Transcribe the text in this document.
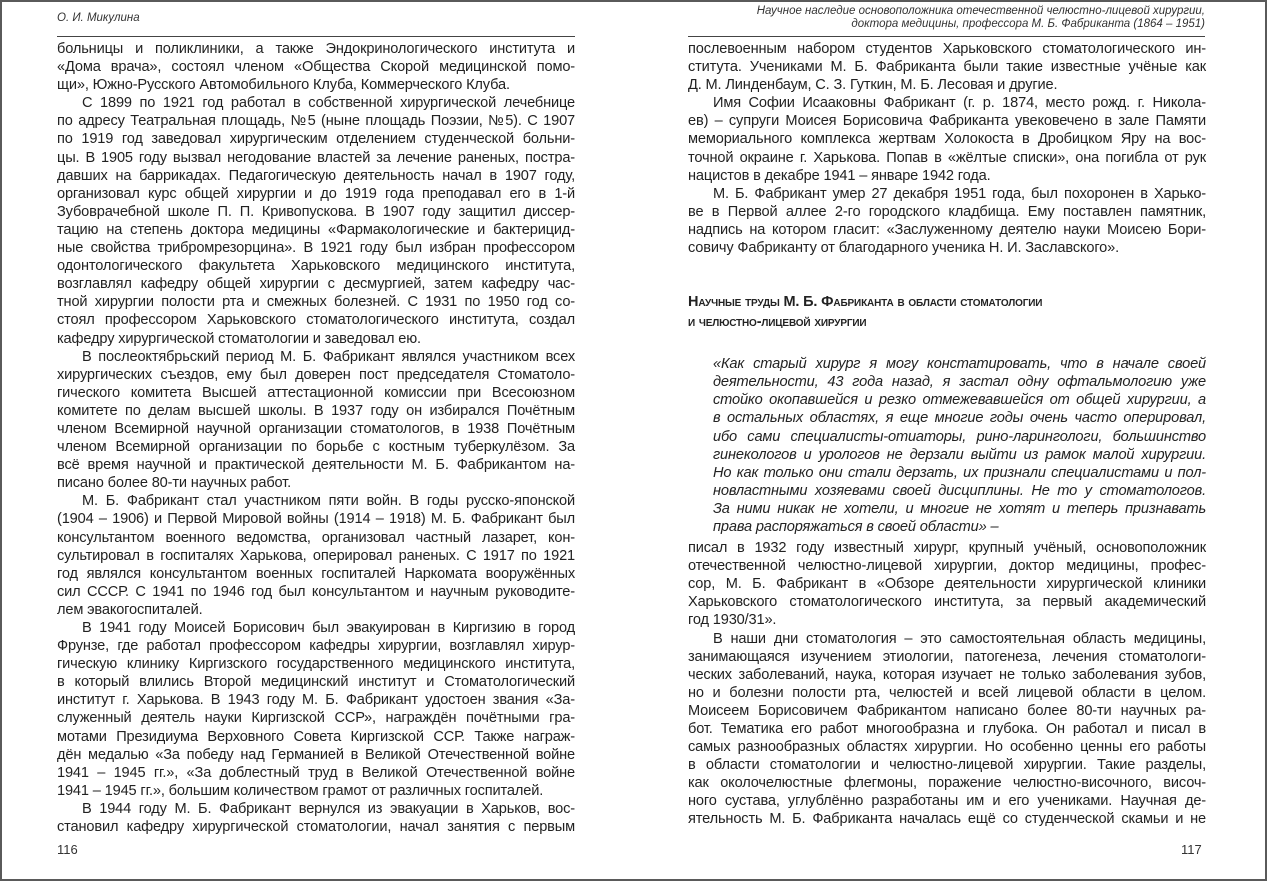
О. И. Микулина
больницы и поликлиники, а также Эндокринологического института и
«Дома врача», состоял членом «Общества Скорой медицинской помо-
щи», Южно-Русского Автомобильного Клуба, Коммерческого Клуба.
С 1899 по 1921 год работал в собственной хирургической лечебнице
по адресу Театральная площадь, №5 (ныне площадь Поэзии, №5). С 1907
по 1919 год заведовал хирургическим отделением студенческой больни-
цы. В 1905 году вызвал негодование властей за лечение раненых, постра-
давших на баррикадах. Педагогическую деятельность начал в 1907 году,
организовал курс общей хирургии и до 1919 года преподавал его в 1-й
Зубоврачебной школе П. П. Кривопускова. В 1907 году защитил диссер-
тацию на степень доктора медицины «Фармакологические и бактерицид-
ные свойства трибромрезорцина». В 1921 году был избран профессором
одонтологического факультета Харьковского медицинского института,
возглавлял кафедру общей хирургии с десмургией, затем кафедру час-
тной хирургии полости рта и смежных болезней. С 1931 по 1950 год со-
стоял профессором Харьковского стоматологического института, создал
кафедру хирургической стоматологии и заведовал ею.
В послеоктябрьский период М. Б. Фабрикант являлся участником всех
хирургических съездов, ему был доверен пост председателя Стоматоло-
гического комитета Высшей аттестационной комиссии при Всесоюзном
комитете по делам высшей школы. В 1937 году он избирался Почётным
членом Всемирной научной организации стоматологов, в 1938 Почётным
членом Всемирной организации по борьбе с костным туберкулёзом. За
всё время научной и практической деятельности М. Б. Фабрикантом на-
писано более 80-ти научных работ.
М. Б. Фабрикант стал участником пяти войн. В годы русско-японской
(1904 – 1906) и Первой Мировой войны (1914 – 1918) М. Б. Фабрикант был
консультантом военного ведомства, организовал частный лазарет, кон-
сультировал в госпиталях Харькова, оперировал раненых. С 1917 по 1921
год являлся консультантом военных госпиталей Наркомата вооружённых
сил СССР. С 1941 по 1946 год был консультантом и научным руководите-
лем эвакогоспиталей.
В 1941 году Моисей Борисович был эвакуирован в Киргизию в город
Фрунзе, где работал профессором кафедры хирургии, возглавлял хирур-
гическую клинику Киргизского государственного медицинского института,
в который влились Второй медицинский институт и Стоматологический
институт г. Харькова. В 1943 году М. Б. Фабрикант удостоен звания «За-
служенный деятель науки Киргизской ССР», награждён почётными гра-
мотами Президиума Верховного Совета Киргизской ССР. Также награж-
дён медалью «За победу над Германией в Великой Отечественной войне
1941 – 1945 гг.», «За доблестный труд в Великой Отечественной войне
1941 – 1945 гг.», большим количеством грамот от различных госпиталей.
В 1944 году М. Б. Фабрикант вернулся из эвакуации в Харьков, вос-
становил кафедру хирургической стоматологии, начал занятия с первым
116
Научное наследие основоположника отечественной челюстно-лицевой хирургии,
доктора медицины, профессора М. Б. Фабриканта (1864 – 1951)
послевоенным набором студентов Харьковского стоматологического ин-
ститута. Учениками М. Б. Фабриканта были такие известные учёные как
Д. М. Линденбаум, С. З. Гуткин, М. Б. Лесовая и другие.
Имя Софии Исааковны Фабрикант (г. р. 1874, место рожд. г. Никола-
ев) – супруги Моисея Борисовича Фабриканта увековечено в зале Памяти
мемориального комплекса жертвам Холокоста в Дробицком Яру на вос-
точной окраине г. Харькова. Попав в «жёлтые списки», она погибла от рук
нацистов в декабре 1941 – январе 1942 года.
М. Б. Фабрикант умер 27 декабря 1951 года, был похоронен в Харько-
ве в Первой аллее 2-го городского кладбища. Ему поставлен памятник,
надпись на котором гласит: «Заслуженному деятелю науки Моисею Бори-
совичу Фабриканту от благодарного ученика Н. И. Заславского».
Научные труды М. Б. Фабриканта в области стоматологии
и челюстно-лицевой хирургии
«Как старый хирург я могу констатировать, что в начале своей
деятельности, 43 года назад, я застал одну офтальмологию уже
стойко окопавшейся и резко отмежевавшейся от общей хирургии, а
в остальных областях, я еще многие годы очень часто оперировал,
ибо сами специалисты-отиаторы, рино-ларингологи, большинство
гинекологов и урологов не дерзали выйти из рамок малой хирургии.
Но как только они стали дерзать, их признали специалистами и пол-
новластными хозяевами своей дисциплины. Не то у стоматологов.
За ними никак не хотели, и многие не хотят и теперь признавать
права распоряжаться в своей области» –
писал в 1932 году известный хирург, крупный учёный, основоположник
отечественной челюстно-лицевой хирургии, доктор медицины, профес-
сор, М. Б. Фабрикант в «Обзоре деятельности хирургической клиники
Харьковского стоматологического института, за первый академический
год 1930/31».
В наши дни стоматология – это самостоятельная область медицины,
занимающаяся изучением этиологии, патогенеза, лечения стоматологи-
ческих заболеваний, наука, которая изучает не только заболевания зубов,
но и болезни полости рта, челюстей и всей лицевой области в целом.
Моисеем Борисовичем Фабрикантом написано более 80-ти научных ра-
бот. Тематика его работ многообразна и глубока. Он работал и писал в
самых разнообразных областях хирургии. Но особенно ценны его работы
в области стоматологии и челюстно-лицевой хирургии. Такие разделы,
как околочелюстные флегмоны, поражение челюстно-височного, височ-
ного сустава, углублённо разработаны им и его учениками. Научная де-
ятельность М. Б. Фабриканта началась ещё со студенческой скамьи и не
117
